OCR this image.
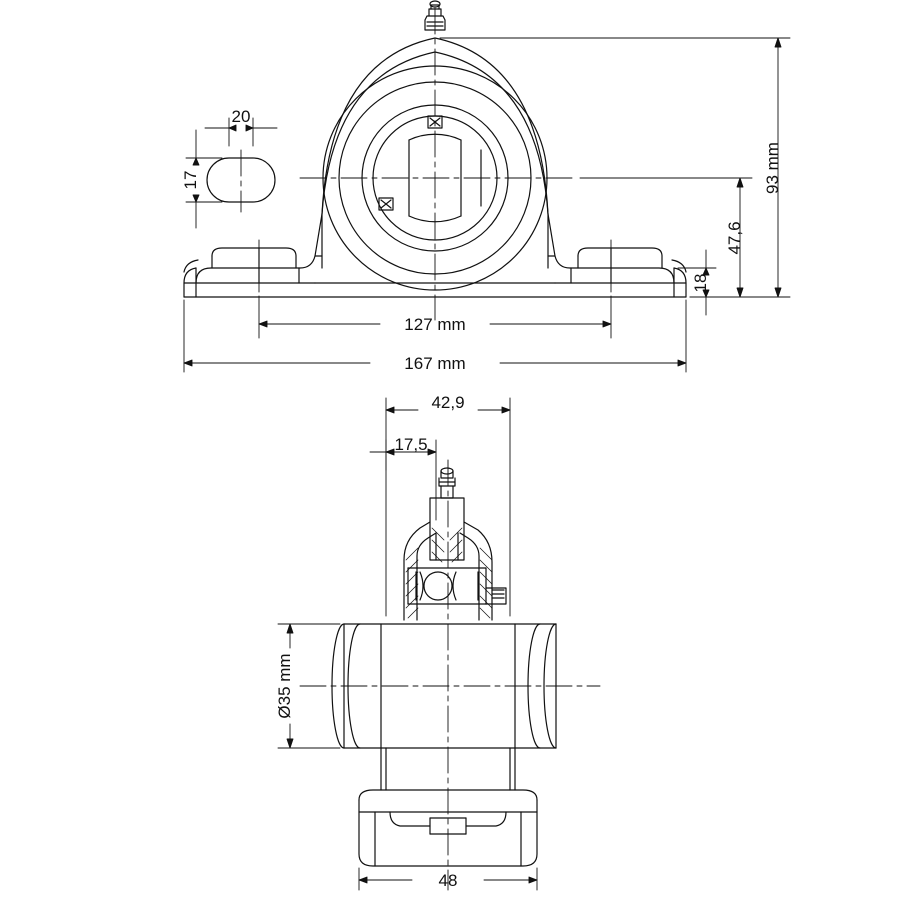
20
17	93 mm
47,6
18
127 mm
167 mm
42,9
17,5
Ø35 mm
48
